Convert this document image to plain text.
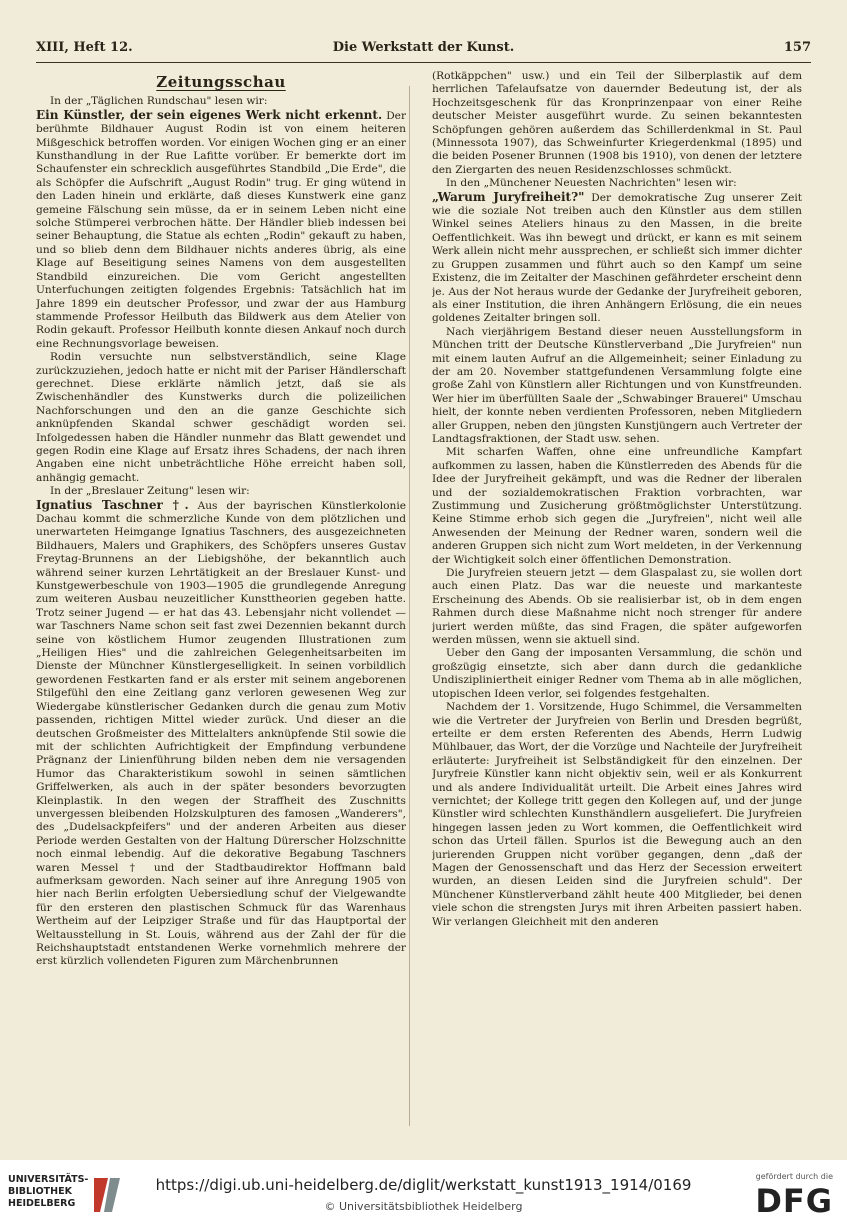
XIII, Heft 12.	Die Werkstatt der Kunst.	157
Zeitungsschau

In der „Täglichen Rundschau" lesen wir:

Ein Künstler, der sein eigenes Werk nicht erkennt. Der berühmte Bildhauer August Rodin ist von einem heiteren Mißgeschick betroffen worden. Vor einigen Wochen ging er an einer Kunsthandlung in der Rue Lafitte vorüber. Er bemerkte dort im Schaufenster ein schrecklich ausgeführtes Standbild „Die Erde", die als Schöpfer die Aufschrift „August Rodin" trug. Er ging wütend in den Laden hinein und erklärte, daß dieses Kunstwerk eine ganz gemeine Fälschung sein müsse, da er in seinem Leben nicht eine solche Stümperei verbrochen hätte. Der Händler blieb indessen bei seiner Behauptung, die Statue als echten „Rodin" gekauft zu haben, und so blieb denn dem Bildhauer nichts anderes übrig, als eine Klage auf Beseitigung seines Namens von dem ausgestellten Standbild einzureichen. Die vom Gericht angestellten Unterfuchungen zeitigten folgendes Ergebnis: Tatsächlich hat im Jahre 1899 ein deutscher Professor, und zwar der aus Hamburg stammende Professor Heilbuth das Bildwerk aus dem Atelier von Rodin gekauft. Professor Heilbuth konnte diesen Ankauf noch durch eine Rechnungsvorlage beweisen.

Rodin versuchte nun selbstverständlich, seine Klage zurückzuziehen, jedoch hatte er nicht mit der Pariser Händlerschaft gerechnet. Diese erklärte nämlich jetzt, daß sie als Zwischenhändler des Kunstwerks durch die polizeilichen Nachforschungen und den an die ganze Geschichte sich anknüpfenden Skandal schwer geschädigt worden sei. Infolgedessen haben die Händler nunmehr das Blatt gewendet und gegen Rodin eine Klage auf Ersatz ihres Schadens, der nach ihren Angaben eine nicht unbeträchtliche Höhe erreicht haben soll, anhängig gemacht.

In der „Breslauer Zeitung" lesen wir:

Ignatius Taschner †. Aus der bayrischen Künstlerkolonie Dachau kommt die schmerzliche Kunde von dem plötzlichen und unerwarteten Heimgange Ignatius Taschners, des ausgezeichneten Bildhauers, Malers und Graphikers, des Schöpfers unseres Gustav Freytag-Brunnens an der Liebigshöhe, der bekanntlich auch während seiner kurzen Lehrtätigkeit an der Breslauer Kunst- und Kunstgewerbeschule von 1903—1905 die grundlegende Anregung zum weiteren Ausbau neuzeitlicher Kunsttheorien gegeben hatte. Trotz seiner Jugend — er hat das 43. Lebensjahr nicht vollendet — war Taschners Name schon seit fast zwei Dezennien bekannt durch seine von köstlichem Humor zeugenden Illustrationen zum „Heiligen Hies" und die zahlreichen Gelegenheitsarbeiten im Dienste der Münchner Künstlergeselligkeit. In seinen vorbildlich gewordenen Festkarten fand er als erster mit seinem angeborenen Stilgefühl den eine Zeitlang ganz verloren gewesenen Weg zur Wiedergabe künstlerischer Gedanken durch die genau zum Motiv passenden, richtigen Mittel wieder zurück. Und dieser an die deutschen Großmeister des Mittelalters anknüpfende Stil sowie die mit der schlichten Aufrichtigkeit der Empfindung verbundene Prägnanz der Linienführung bilden neben dem nie versagenden Humor das Charakteristikum sowohl in seinen sämtlichen Griffelwerken, als auch in der später besonders bevorzugten Kleinplastik. In den wegen der Straffheit des Zuschnitts unvergessen bleibenden Holzskulpturen des famosen „Wanderers", des „Dudelsackpfeifers" und der anderen Arbeiten aus dieser Periode werden Gestalten von der Haltung Dürerscher Holzschnitte noch einmal lebendig. Auf die dekorative Begabung Taschners waren Messel † und der Stadtbaudirektor Hoffmann bald aufmerksam geworden. Nach seiner auf ihre Anregung 1905 von hier nach Berlin erfolgten Uebersiedlung schuf der Vielgewandte für den ersteren den plastischen Schmuck für das Warenhaus Wertheim auf der Leipziger Straße und für das Hauptportal der Weltausstellung in St. Louis, während aus der Zahl der für die Reichshauptstadt entstandenen Werke vornehmlich mehrere der erst kürzlich vollendeten Figuren zum Märchenbrunnen

(Rotkäppchen" usw.) und ein Teil der Silberplastik auf dem herrlichen Tafelaufsatze von dauernder Bedeutung ist, der als Hochzeitsgeschenk für das Kronprinzenpaar von einer Reihe deutscher Meister ausgeführt wurde. Zu seinen bekanntesten Schöpfungen gehören außerdem das Schillerdenkmal in St. Paul (Minnessota 1907), das Schweinfurter Kriegerdenkmal (1895) und die beiden Posener Brunnen (1908 bis 1910), von denen der letztere den Ziergarten des neuen Residenzschlosses schmückt.

In den „Münchener Neuesten Nachrichten" lesen wir:

„Warum Juryfreiheit?" Der demokratische Zug unserer Zeit wie die soziale Not treiben auch den Künstler aus dem stillen Winkel seines Ateliers hinaus zu den Massen, in die breite Oeffentlichkeit. Was ihn bewegt und drückt, er kann es mit seinem Werk allein nicht mehr aussprechen, er schließt sich immer dichter zu Gruppen zusammen und führt auch so den Kampf um seine Existenz, die im Zeitalter der Maschinen gefährdeter erscheint denn je. Aus der Not heraus wurde der Gedanke der Juryfreiheit geboren, als einer Institution, die ihren Anhängern Erlösung, die ein neues goldenes Zeitalter bringen soll.

Nach vierjährigem Bestand dieser neuen Ausstellungsform in München tritt der Deutsche Künstlerverband „Die Juryfreien" nun mit einem lauten Aufruf an die Allgemeinheit; seiner Einladung zu der am 20. November stattgefundenen Versammlung folgte eine große Zahl von Künstlern aller Richtungen und von Kunstfreunden. Wer hier im überfüllten Saale der „Schwabinger Brauerei" Umschau hielt, der konnte neben verdienten Professoren, neben Mitgliedern aller Gruppen, neben den jüngsten Kunstjüngern auch Vertreter der Landtagsfraktionen, der Stadt usw. sehen.

Mit scharfen Waffen, ohne eine unfreundliche Kampfart aufkommen zu lassen, haben die Künstlerreden des Abends für die Idee der Juryfreiheit gekämpft, und was die Redner der liberalen und der sozialdemokratischen Fraktion vorbrachten, war Zustimmung und Zusicherung größtmöglichster Unterstützung. Keine Stimme erhob sich gegen die „Juryfreien", nicht weil alle Anwesenden der Meinung der Redner waren, sondern weil die anderen Gruppen sich nicht zum Wort meldeten, in der Verkennung der Wichtigkeit solch einer öffentlichen Demonstration.

Die Juryfreien steuern jetzt — dem Glaspalast zu, sie wollen dort auch einen Platz. Das war die neueste und markanteste Erscheinung des Abends. Ob sie realisierbar ist, ob in dem engen Rahmen durch diese Maßnahme nicht noch strenger für andere juriert werden müßte, das sind Fragen, die später aufgeworfen werden müssen, wenn sie aktuell sind.

Ueber den Gang der imposanten Versammlung, die schön und großzügig einsetzte, sich aber dann durch die gedankliche Undiszipliniertheit einiger Redner vom Thema ab in alle möglichen, utopischen Ideen verlor, sei folgendes festgehalten.

Nachdem der 1. Vorsitzende, Hugo Schimmel, die Versammelten wie die Vertreter der Juryfreien von Berlin und Dresden begrüßt, erteilte er dem ersten Referenten des Abends, Herrn Ludwig Mühlbauer, das Wort, der die Vorzüge und Nachteile der Juryfreiheit erläuterte: Juryfreiheit ist Selbständigkeit für den einzelnen. Der Juryfreie Künstler kann nicht objektiv sein, weil er als Konkurrent und als andere Individualität urteilt. Die Arbeit eines Jahres wird vernichtet; der Kollege tritt gegen den Kollegen auf, und der junge Künstler wird schlechten Kunsthändlern ausgeliefert. Die Juryfreien hingegen lassen jeden zu Wort kommen, die Oeffentlichkeit wird schon das Urteil fällen. Spurlos ist die Bewegung auch an den jurierenden Gruppen nicht vorüber gegangen, denn „daß der Magen der Genossenschaft und das Herz der Secession erweitert wurden, an diesen Leiden sind die Juryfreien schuld". Der Münchener Künstlerverband zählt heute 400 Mitglieder, bei denen viele schon die strengsten Jurys mit ihren Arbeiten passiert haben. Wir verlangen Gleichheit mit den anderen

UNIVERSITÄTS-
BIBLIOTHEK
HEIDELBERG
https://digi.ub.uni-heidelberg.de/diglit/werkstatt_kunst1913_1914/0169
© Universitätsbibliothek Heidelberg
gefördert durch die
DFG
